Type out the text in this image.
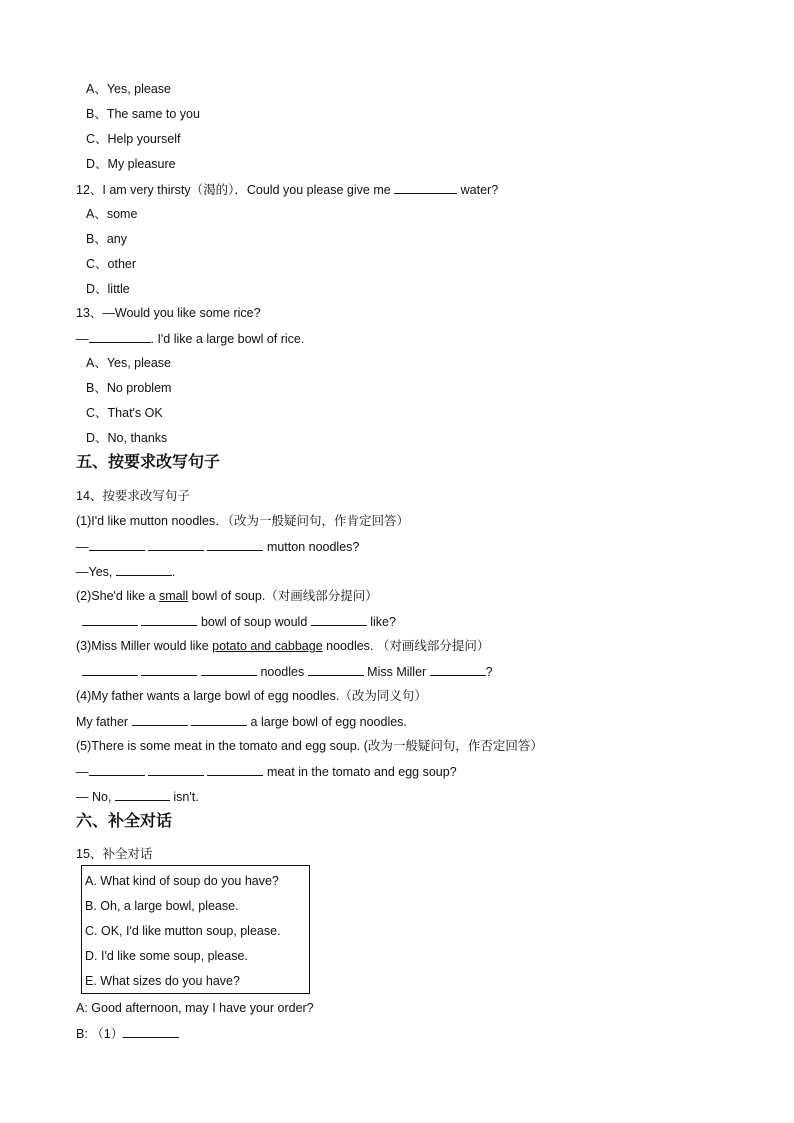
A、Yes, please
B、The same to you
C、Help yourself
D、My pleasure
12、I am very thirsty（渴的）．Could you please give me	water?
A、some
B、any
C、other
D、little
13、—Would you like some rice?
—	. I'd like a large bowl of rice.
A、Yes, please
B、No problem
C、That's OK
D、No, thanks
五、按要求改写句子
14、按要求改写句子
(1)I'd like mutton noodles．（改为一般疑问句，作肯定回答）
—	mutton noodles?
—Yes,	.
(2)She'd like a small bowl of soup.（对画线部分提问）
bowl of soup would	like?
(3)Miss Miller would like potato and cabbage noodles. （对画线部分提问）
noodles	Miss Miller	?
(4)My father wants a large bowl of egg noodles.（改为同义句）
My father	a large bowl of egg noodles.
(5)There is some meat in the tomato and egg soup. (改为一般疑问句，作否定回答）
—	meat in the tomato and egg soup?
— No,	isn't.
六、补全对话
15、补全对话
A. What kind of soup do you have?
B. Oh, a large bowl, please.
C. OK, I'd like mutton soup, please.
D. I'd like some soup, please.
E. What sizes do you have?
A: Good afternoon, may I have your order?
B: （1）
